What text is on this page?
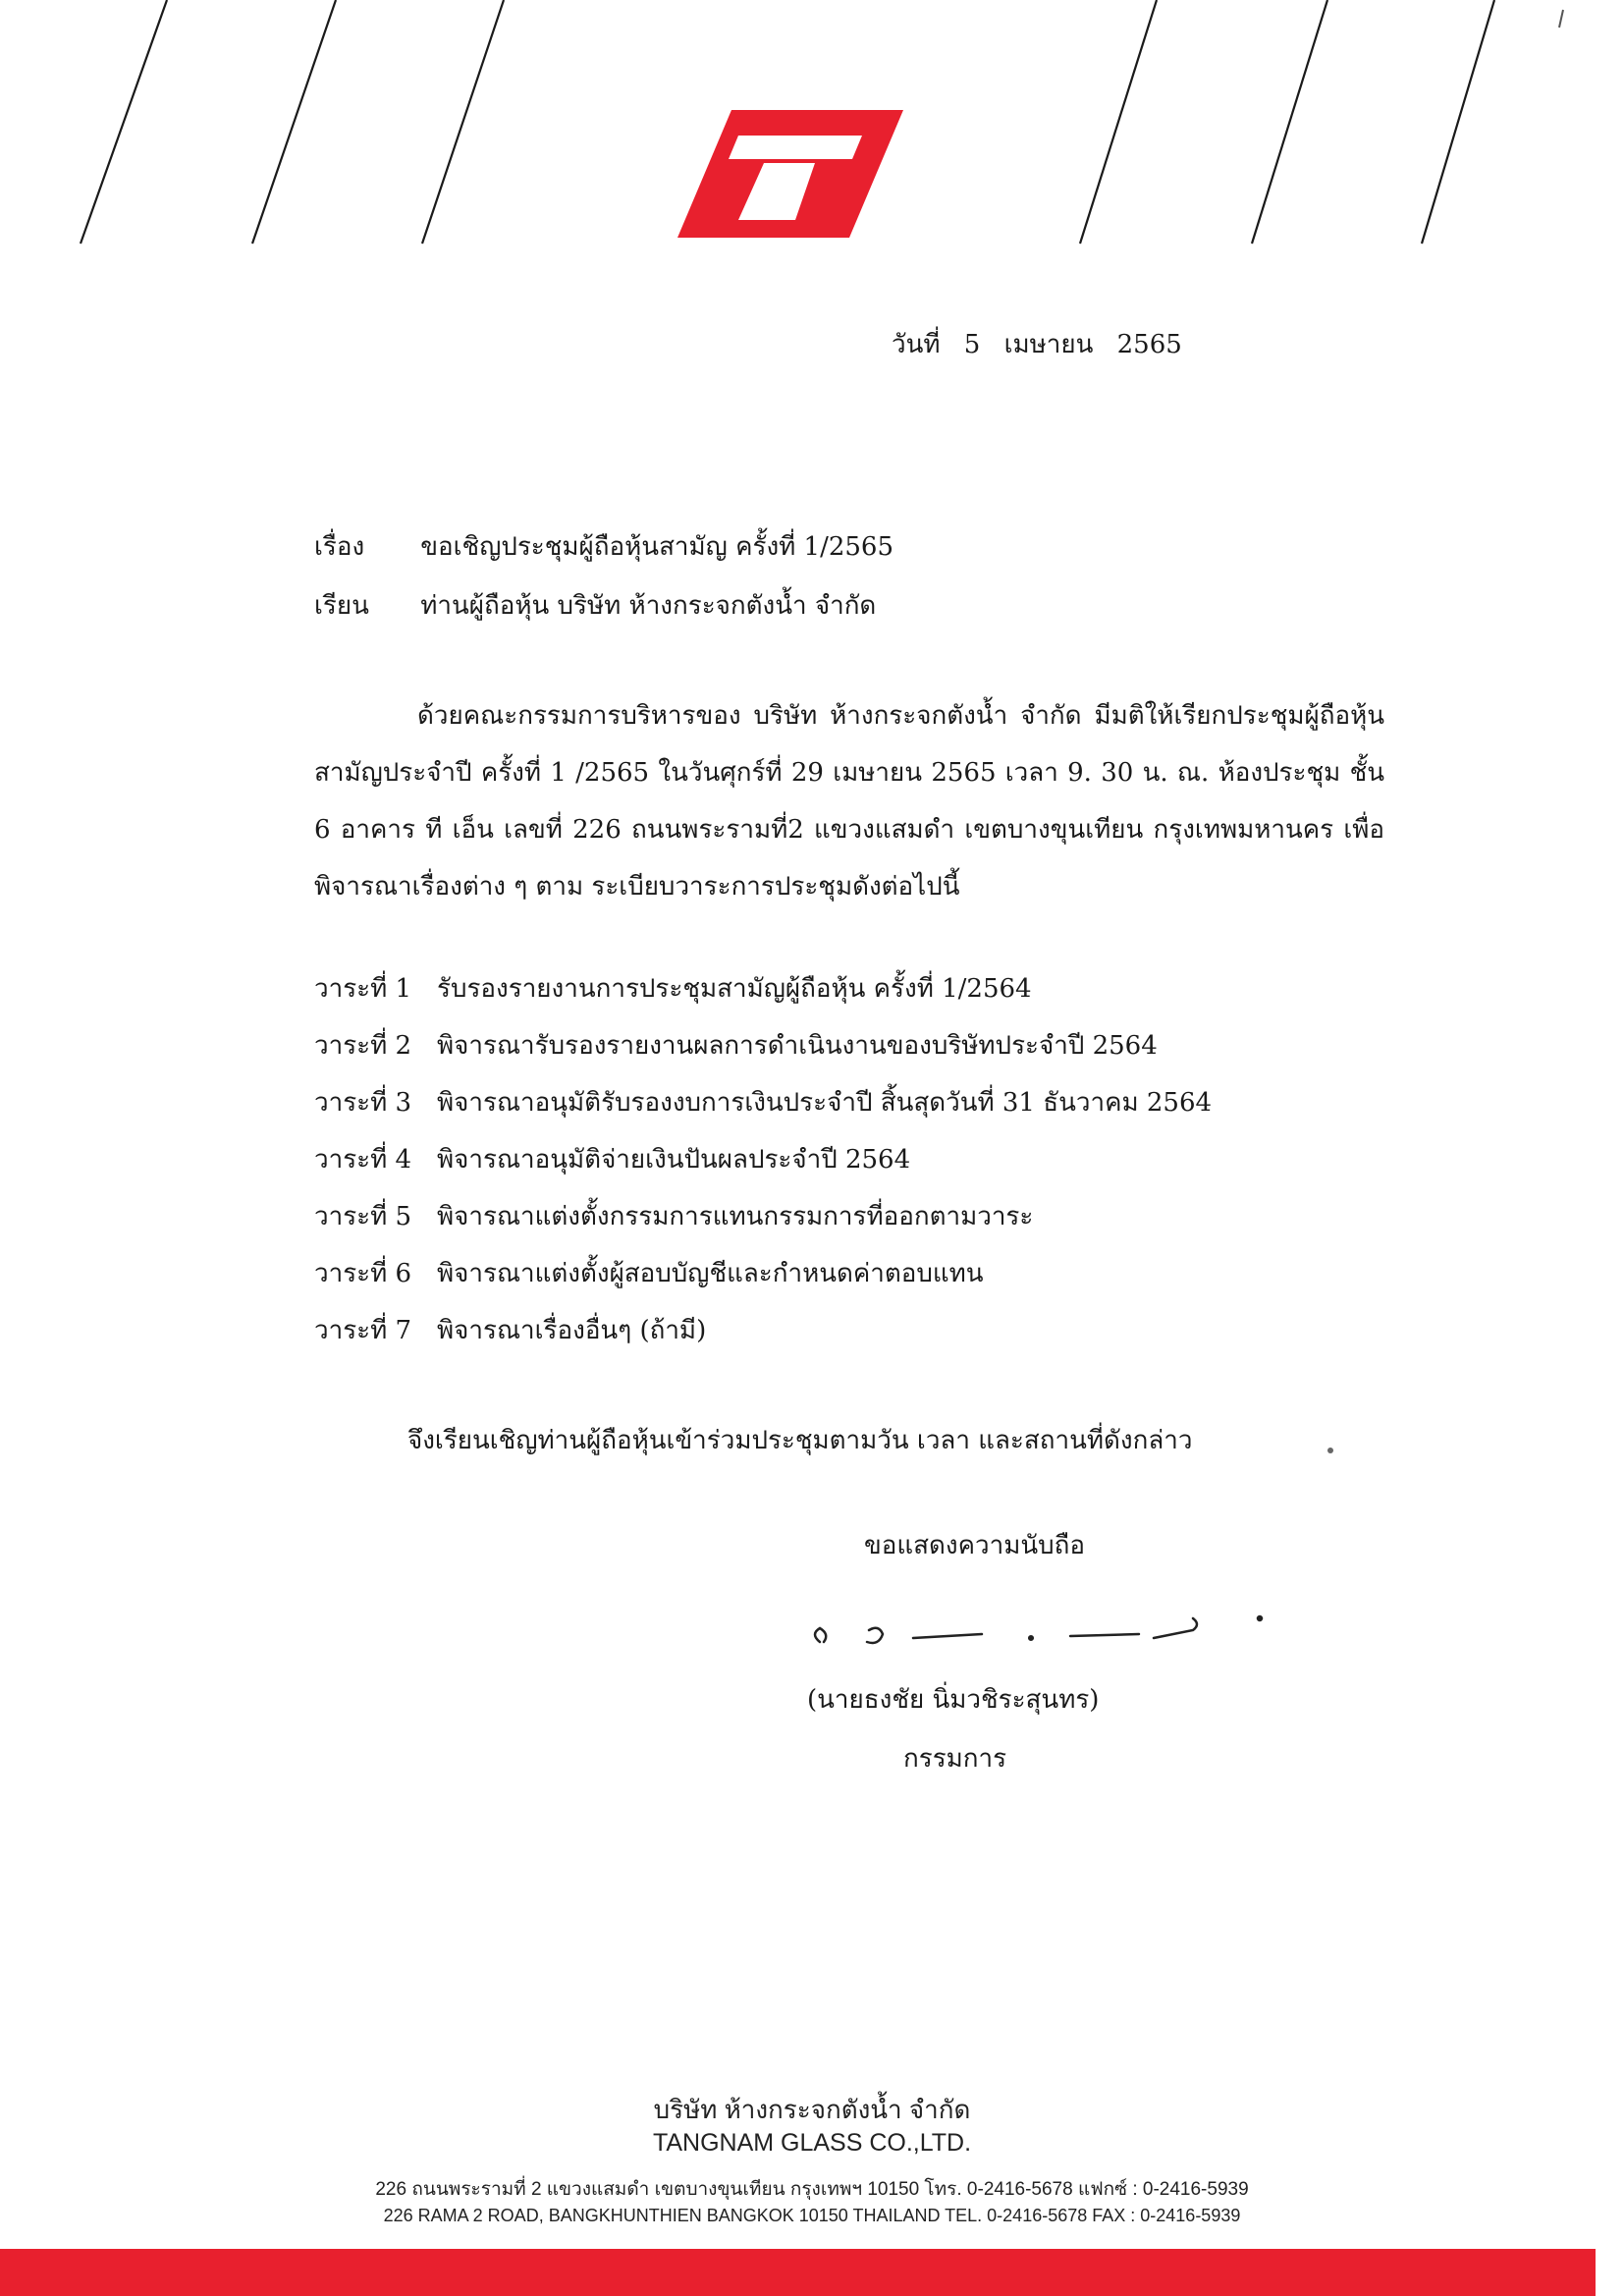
วันที่ 5 เมษายน 2565
เรื่อง ขอเชิญประชุมผู้ถือหุ้นสามัญ ครั้งที่ 1/2565
เรียน ท่านผู้ถือหุ้น บริษัท ห้างกระจกตังน้ำ จำกัด

ด้วยคณะกรรมการบริหารของ บริษัท ห้างกระจกตังน้ำ จำกัด มีมติให้เรียกประชุมผู้ถือหุ้นสามัญประจำปี ครั้งที่ 1 /2565 ในวันศุกร์ที่ 29 เมษายน 2565 เวลา 9. 30 น. ณ. ห้องประชุม ชั้น 6 อาคาร ที เอ็น เลขที่ 226 ถนนพระรามที่2 แขวงแสมดำ เขตบางขุนเทียน กรุงเทพมหานคร เพื่อพิจารณาเรื่องต่าง ๆ ตาม ระเบียบวาระการประชุมดังต่อไปนี้

วาระที่ 1 รับรองรายงานการประชุมสามัญผู้ถือหุ้น ครั้งที่ 1/2564
วาระที่ 2 พิจารณารับรองรายงานผลการดำเนินงานของบริษัทประจำปี 2564
วาระที่ 3 พิจารณาอนุมัติรับรองงบการเงินประจำปี สิ้นสุดวันที่ 31 ธันวาคม 2564
วาระที่ 4 พิจารณาอนุมัติจ่ายเงินปันผลประจำปี 2564
วาระที่ 5 พิจารณาแต่งตั้งกรรมการแทนกรรมการที่ออกตามวาระ
วาระที่ 6 พิจารณาแต่งตั้งผู้สอบบัญชีและกำหนดค่าตอบแทน
วาระที่ 7 พิจารณาเรื่องอื่นๆ (ถ้ามี)
จึงเรียนเชิญท่านผู้ถือหุ้นเข้าร่วมประชุมตามวัน เวลา และสถานที่ดังกล่าว
ขอแสดงความนับถือ
(นายธงชัย นิ่มวชิระสุนทร)
กรรมการ
บริษัท ห้างกระจกตังน้ำ จำกัด
TANGNAM GLASS CO.,LTD.
226 ถนนพระรามที่ 2 แขวงแสมดำ เขตบางขุนเทียน กรุงเทพฯ 10150 โทร. 0-2416-5678 แฟกซ์ : 0-2416-5939
226 RAMA 2 ROAD, BANGKHUNTHIEN BANGKOK 10150 THAILAND TEL. 0-2416-5678 FAX : 0-2416-5939
